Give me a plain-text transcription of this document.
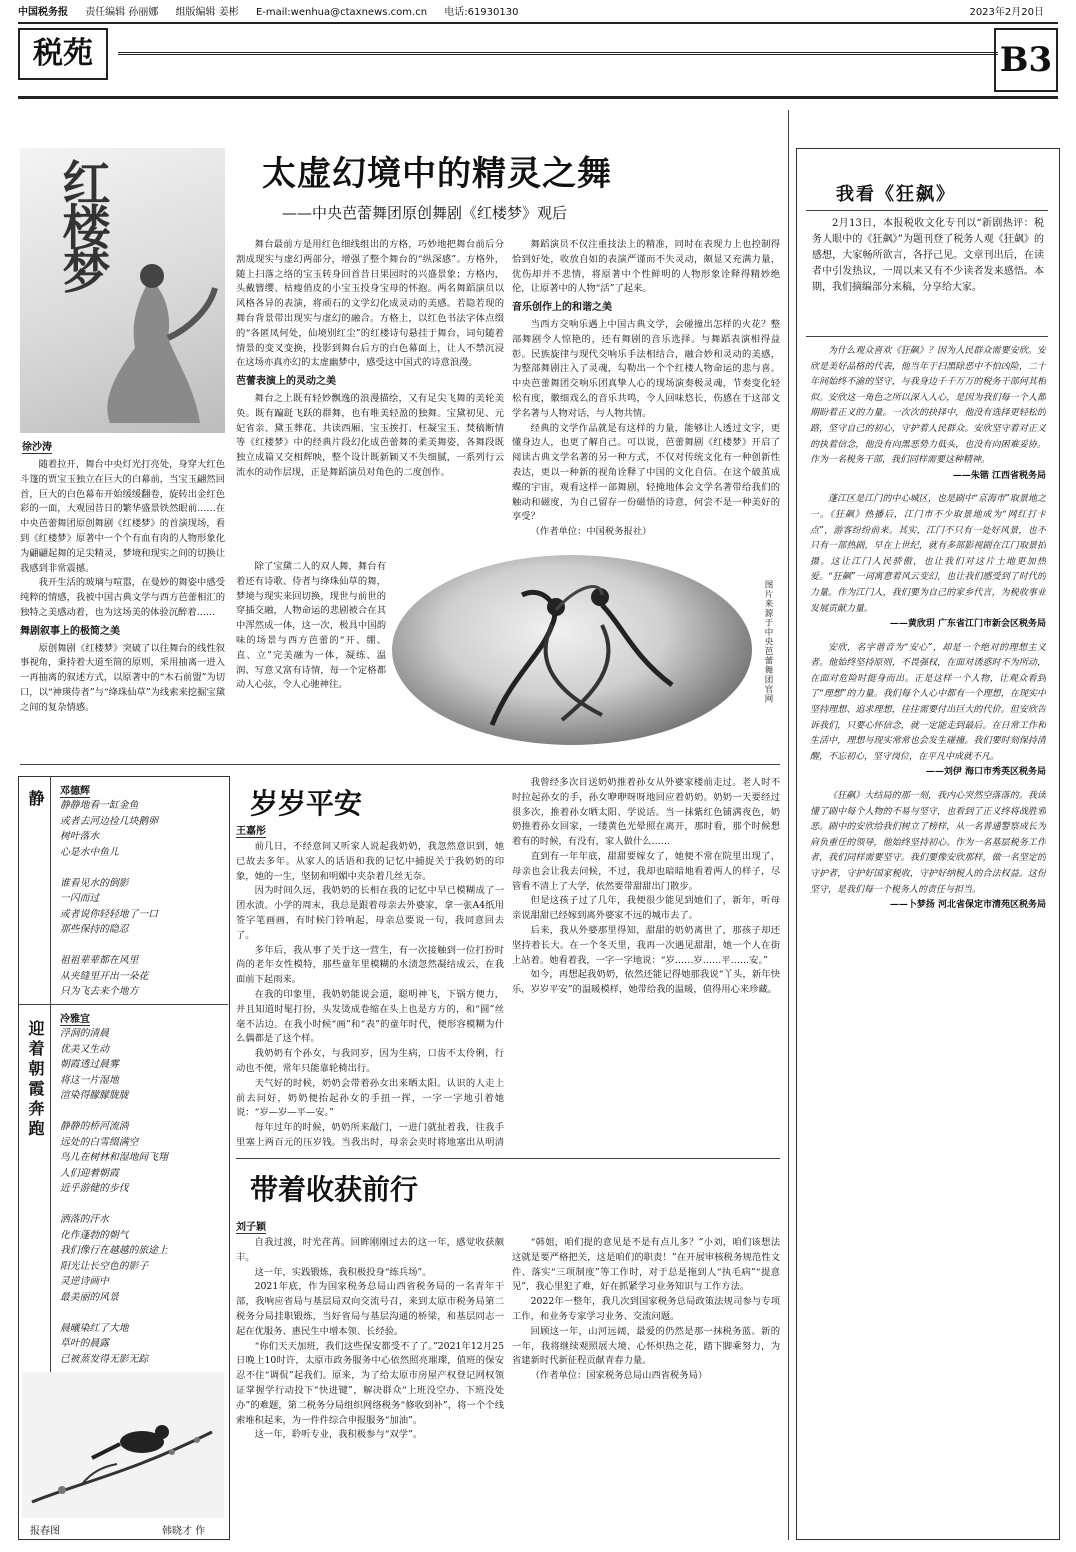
中国税务报 责任编辑 孙丽娜 组版编辑 姜彬 E-mail:wenhua@ctaxnews.com.cn 电话:61930130	2023年2月20日
税苑	B3
红楼梦
徐沙涛
太虚幻境中的精灵之舞
——中央芭蕾舞团原创舞剧《红楼梦》观后

随着拉开，舞台中央灯光打亮处，身穿大红色斗篷的贾宝玉独立在巨大的白幕前，当宝玉翩然回首，巨大的白色幕布开始缓缓翻卷，旋转出金红色彩的一面，大观园昔日的繁华盛景铁然眼前……在中央芭蕾舞团原创舞剧《红楼梦》的首演现场，看到《红楼梦》原著中一个个有血有肉的人物形象化为翩翩起舞的足尖精灵，梦境和现实之间的切换让我感到非常震撼。

我开生活的玻璃与喧嚣，在曼妙的舞姿中感受纯粹的情感，我被中国古典文学与西方芭蕾相汇的独特之美感动着，也为这场美的体验沉醉着……

舞剧叙事上的极简之美

原创舞剧《红楼梦》突破了以往舞台的线性叙事视角，秉持着大道至简的原则，采用抽离一进入一再抽离的叙述方式，以原著中的“木石前盟”为切口，以“神瑛侍者”与“绛珠仙草”为线索来挖掘宝黛之间的复杂情感。

舞台最前方是用红色细线组出的方格，巧妙地把舞台前后分割成现实与虚幻两部分，增强了整个舞台的“纵深感”。方格外，随上扫落之络的宝玉转身回首昔日果园时的兴盛景象；方格内，头戴簪缨、枯瘦俏皮的小宝玉投身宝母的怀抱。两名舞蹈演员以风格各异的表演，将顽石的文学幻化成灵动的美感。若隐若现的舞台背景带出现实与虚幻的融合。方格上，以红色书法字体点缀的“各匿凤何处，仙境别红尘”的红楼诗句悬挂于舞台，词句随着情景的变叉变换，投影到舞台后方的白色幕面上，让人不禁沉浸在这场亦真亦幻的太虚幽梦中，感受这中国式的诗意浪漫。

芭蕾表演上的灵动之美

舞台之上既有轻妙飘逸的浪漫描绘，又有足尖飞舞的美轮美奂。既有蹁跹飞跃的群舞，也有唯美轻盈的独舞。宝黛初见、元妃省亲、黛玉葬花、共读西厢、宝玉挨打、枉凝宝玉、焚稿断情等《红楼梦》中的经典片段幻化成芭蕾舞的柔美舞姿，各舞段既独立成篇又交相辉映，整个设计既新颖又不失细腻，一系列行云流水的动作层现，正是舞蹈演员对角色的二度创作。

除了宝黛二人的双人舞，舞台有着还有诗歌、侍者与绛珠仙草的舞，梦境与现实来回切换，现世与前世的穿插交融，人物命运的悲剧被合在其中浑然成一体，这一次，极具中国韵味的场景与西方芭蕾的“开、绷、直、立”完美融为一体，凝练、温润、写意又富有诗情，每一个定格都动人心弦，令人心驰神往。

舞蹈演员不仅注重技法上的精准，同时在表现力上也控制得恰到好处，收放自如的表演严谨而不失灵动，颇显又充满力量，优伤却并不悲情，将原著中个性鲜明的人物形象诠释得精妙绝伦，让原著中的人物“活”了起来。

音乐创作上的和谐之美

当西方交响乐遇上中国古典文学，会碰撞出怎样的火花？整部舞剧令人惊艳的，还有舞剧的音乐选择。与舞蹈表演相得益彰。民族旋律与现代交响乐手法相结合，融合妙和灵动的美感，为整部舞剧注入了灵魂，勾勒出一个个红楼人物命运的悲与喜。中央芭蕾舞团交响乐团真挚人心的现场演奏极灵魂，节奏变化轻松有度，徽细戏么的音乐共鸣，令人回味悠长，伤感在于这部文学名著与人物对话，与人物共情。

经典的文学作品就是有这样的力量，能够让人透过文字，更懂身边人，也更了解自己。可以说，芭蕾舞剧《红楼梦》开启了阅读古典文学名著的另一种方式，不仅对传统文化有一种创新性表达，更以一种新的视角诠释了中国的文化自信。在这个破茧成蝶的宇宙，观看这样一部舞剧，轻掩地体会文学名著带给我们的触动和磁度，为自己留存一份磁悟的诗意，何尝不是一种美好的享受？

（作者单位：中国税务报社）

图片来源于中央芭蕾舞团官网
我看《狂飙》
2月13日，本报税收文化专刊以“新剧热评：税务人眼中的《狂飙》”为题刊登了税务人观《狂飙》的感想，大家畅所欲言，各抒己见。文章刊出后，在读者中引发热议，一周以来又有不少读者发来感悟。本期，我们摘编部分来稿，分享给大家。

为什么观众喜欢《狂飙》？因为人民群众需要安欣。安欣是美好品格的代表，他当年于扫黑除恶中不怕凶险，二十年间始终不渝的坚守，与我身边千千万万的税务干部何其相似。安欣这一角色之所以深入人心，是因为我们每一个人都期盼着正义的力量。一次次的抉择中，他没有选择更轻松的路，坚守自己的初心，守护着人民群众。安欣坚守着对正义的执着信念，他没有向黑恶势力低头，也没有向困难妥协。作为一名税务干部，我们同样需要这种精神。

——朱锴 江西省税务局

蓬江区是江门的中心城区，也是剧中“京海市”取景地之一。《狂飙》热播后，江门市不少取景地成为“网红打卡点”，游客纷纷前来。其实，江门不只有一处好风景，也不只有一部热剧，早在上世纪，就有多部影视剧在江门取景拍摄。这让江门人民骄傲，也让我们对这片土地更加热爱。“狂飙”一词寓意着风云变幻，也让我们感受到了时代的力量。作为江门人，我们要为自己的家乡代言，为税收事业发展贡献力量。

——黄欣玥 广东省江门市新会区税务局

安欣，名字谐音为“安心”，却是一个绝对的理想主义者。他始终坚持原则，不畏强权，在面对诱惑时不为所动，在面对危险时挺身而出。正是这样一个人物，让观众看到了“理想”的力量。我们每个人心中都有一个理想，在现实中坚持理想、追求理想，往往需要付出巨大的代价。但安欣告诉我们，只要心怀信念，就一定能走到最后。在日常工作和生活中，理想与现实常常也会发生碰撞。我们要时刻保持清醒，不忘初心，坚守岗位，在平凡中成就不凡。

——刘伊 海口市秀英区税务局

《狂飙》大结局的那一刻，我内心突然空落落的。我读懂了剧中每个人物的不易与坚守，也看到了正义终将战胜邪恶。剧中的安欣给我们树立了榜样，从一名普通警察成长为肩负重任的领导，他始终坚持初心。作为一名基层税务工作者，我们同样需要坚守。我们要像安欣那样，做一名坚定的守护者，守护好国家税收，守护好纳税人的合法权益。这份坚守，是我们每一个税务人的责任与担当。

——卜梦扬 河北省保定市清苑区税务局

静
迎着朝霞奔跑
邓德辉

静静地看一缸金鱼

或者去河边捡几块鹅卵

树叶落水

心是水中鱼儿

谁看见水的倒影

一闪而过

或者说你轻轻地了一口

那些保持的隐忍

祖祖辈辈都在风里

从夹缝里开出一朵花

只为飞去来个地方

冷雅宜

浮洞的清晨

优美又生动

朝霞透过晨雾

将这一片湿地

渲染得朦朦胧胧

静静的桥河流淌

远处的白雪缀满空

鸟儿在树林和湿地间飞翔

人们迎着朝霞

近乎游健的步伐

洒落的汗水

化作蓬勃的朝气

我们像行在越越的旅途上

阳光让长空色的影子

灵逆诗画中

最美丽的风景

晨曦染红了大地

草叶的晨露

已被蒸发得无影无踪

报春图	韩晓才 作
岁岁平安
王嘉彤

前几日，不经意间又听家人说起我奶奶，我忽然意识到，她已故去多年。从家人的话语和我的记忆中捕捉关于我奶奶的印象，她的一生，坚韧和明媚中夹杂着几丝无奈。

因为时间久远，我奶奶的长相在我的记忆中早已模糊成了一团水渍。小学的周末，我总是跟着母亲去外婆家，拿一张A4纸用签字笔画画，有时候门铃响起，母亲总要说一句，我同意回去了。

多年后，我从事了关于这一营生，有一次接触到一位打扮时尚的老年女性模特，那些童年里模糊的水渍忽然凝结成云，在我面前下起雨来。

在我的印象里，我奶奶能说会道，聪明神飞，下锅方便力，并且知道时髦打扮，头发烫成卷缩在头上也是方方的，和“圆”丝毫不沾边。在我小时候“画”和“表”的童年时代，便形容模糊为什么偶都是了这个样。

我奶奶有个孙女，与我同岁，因为生病，口齿不太伶俐，行动也不便，常年只能靠轮椅出行。

天气好的时候，奶奶会带着孙女出来晒太阳。认识的人走上前去问好，奶奶便抬起孙女的手扭一挥，一字一字地引着她说：“岁—岁—平—安。”

每年过年的时候，奶奶所来敲门，一进门就扯着我，往我手里塞上两百元的压岁钱。当我出时，母亲会夹时将地塞出从明清

我曾经多次目送奶奶推着孙女从外婆家楼前走过。老人时不时拉起孙女的手，孙女咿咿呀呀地回应着奶奶。奶奶一天要经过很多次，推着孙女晒太阳、学说话。当一抹紫红色铺满夜色，奶奶推着孙女回家，一缕黄色光晕照在离开，那时看，那个时候想着有的时候，有没有，家人做什么……

直到有一年年底，甜甜要嫁女了，她便不常在院里出现了，母亲也会让我去问候，不过，我却也暗暗地看着两人的样子，尽管看不清上了大学，依然要带甜甜出门散步。

但是这孩子过了几年，我便很少能见到她们了，新年，听母亲说甜甜已经嫁到离外婆家不远的城市去了。

后来，我从外婆那里得知，甜甜的奶奶离世了，那孩子却还坚持着长大。在一个冬天里，我再一次遇见甜甜，她一个人在街上站着。她看着我，一字一字地说：“岁……岁……平……安。”

如今，再想起我奶奶，依然还能记得她那我说“丫头，新年快乐，岁岁平安”的温暖模样，她带给我的温暖，值得用心来珍藏。

带着收获前行
刘子颖

自我过渡，时光荏苒。回眸刚刚过去的这一年，感觉收获颇丰。

这一年，实践锻炼，我积极投身“练兵场”。

2021年底，作为国家税务总局山西省税务局的一名青年干部，我响应省局与基层局双向交流号召，来到太原市税务局第二税务分局挂职锻炼，当好省局与基层沟通的桥梁，和基层同志一起在优服务、惠民生中增本领、长经验。

“你们天天加班，我们这些保安都受不了了。”2021年12月25日晚上10时许，太原市政务服务中心依然照亮璀璨，值班的保安忍不住“调侃”起我们。原来，为了给太原市房屋产权登记网权领证掌握学行动投下“快进键”，解决群众“上班没空办、下班没处办”的难题，第二税务分局组织网络税务“修收到补”，将一个个线索堆积起来，为一件件综合申报服务“加油”。

这一年，聆听专业，我积极参与“双学”。

“韩姐，咱们提的意见是不是有点儿多？”小刘，咱们该想法这就是要严格把关，这是咱们的职责！”在开展审核税务规范性文件、落实“三项制度”等工作时，对于总是拖到人“执毛病”“提意见”，我心里犯了难，好在抓紧学习业务知识与工作方法。

2022年一整年，我几次到国家税务总局政策法规司参与专项工作，和业务专家学习业务、交流问题。

回顾这一年，山河远阔，最爱的仍然是那一抹税务蓝。新的一年，我将继续观照展大境、心怀炽热之花，踏下脚乘努力，为省建新时代新征程贡献青春力量。

（作者单位：国家税务总局山西省税务局）
